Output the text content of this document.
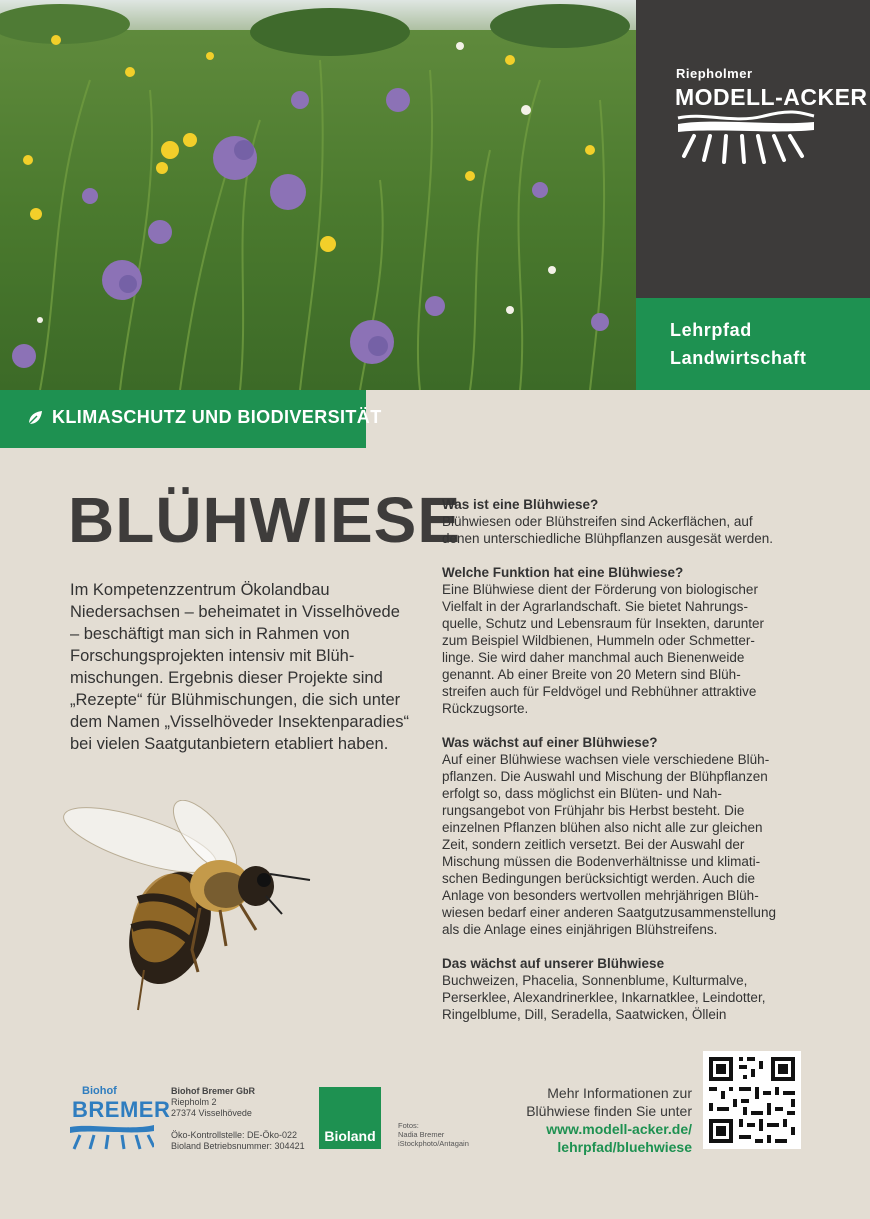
Riepholmer
MODELL-ACKER
Lehrpfad
Landwirtschaft
KLIMASCHUTZ UND BIODIVERSITÄT
BLÜHWIESE
Im Kompetenzzentrum Ökolandbau Niedersachsen – beheimatet in Visselhövede – beschäftigt man sich in Rahmen von Forschungsprojekten intensiv mit Blühmischungen. Ergebnis dieser Projekte sind „Rezepte“ für Blühmischungen, die sich unter dem Namen „Visselhöveder Insektenparadies“ bei vielen Saatgutanbietern etabliert haben.
Was ist eine Blühwiese?
Blühwiesen oder Blühstreifen sind Ackerflächen, auf denen unterschiedliche Blühpflanzen ausgesät werden.
Welche Funktion hat eine Blühwiese?
Eine Blühwiese dient der Förderung von biologischer Vielfalt in der Agrarlandschaft. Sie bietet Nahrungsquelle, Schutz und Lebensraum für Insekten, darunter zum Beispiel Wildbienen, Hummeln oder Schmetterlinge. Sie wird daher manchmal auch Bienenweide genannt. Ab einer Breite von 20 Metern sind Blühstreifen auch für Feldvögel und Rebhühner attraktive Rückzugsorte.
Was wächst auf einer Blühwiese?
Auf einer Blühwiese wachsen viele verschiedene Blühpflanzen. Die Auswahl und Mischung der Blühpflanzen erfolgt so, dass möglichst ein Blüten- und Nahrungsangebot von Frühjahr bis Herbst besteht. Die einzelnen Pflanzen blühen also nicht alle zur gleichen Zeit, sondern zeitlich versetzt. Bei der Auswahl der Mischung müssen die Bodenverhältnisse und klimatischen Bedingungen berücksichtigt werden. Auch die Anlage von besonders wertvollen mehrjährigen Blühwiesen bedarf einer anderen Saatgutzusammenstellung als die Anlage eines einjährigen Blühstreifens.
Das wächst auf unserer Blühwiese
Buchweizen, Phacelia, Sonnenblume, Kulturmalve, Perserklee, Alexandrinerklee, Inkarnatklee, Leindotter, Ringelblume, Dill, Seradella, Saatwicken, Öllein
Biohof
BREMER
Biohof Bremer GbR
Riepholm 2
27374 Visselhövede
Öko-Kontrollstelle: DE-Öko-022
Bioland Betriebsnummer: 304421
Bioland
Fotos:
Nadia Bremer
iStockphoto/Antagain
Mehr Informationen zur
Blühwiese finden Sie unter
www.modell-acker.de/
lehrpfad/bluehwiese
